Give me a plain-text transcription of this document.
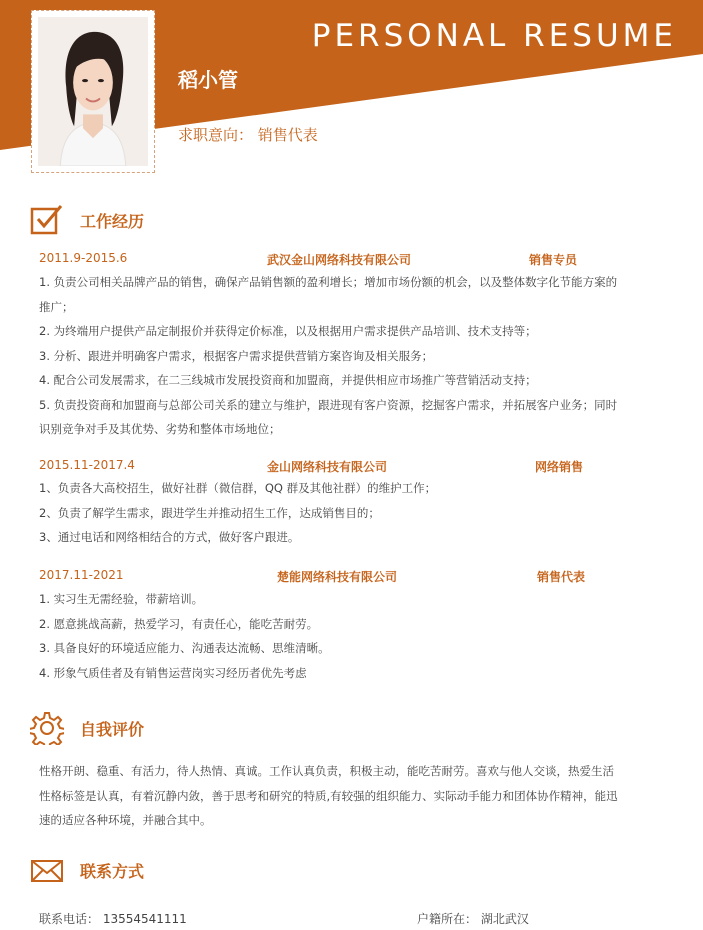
PERSONAL RESUME
稻小管
求职意向： 销售代表
工作经历
2011.9-2015.6	武汉金山网络科技有限公司	销售专员
1. 负责公司相关品牌产品的销售，确保产品销售额的盈利增长；增加市场份额的机会，以及整体数字化节能方案的
推广；
2. 为终端用户提供产品定制报价并获得定价标准，以及根据用户需求提供产品培训、技术支持等；
3. 分析、跟进并明确客户需求，根据客户需求提供营销方案咨询及相关服务；
4. 配合公司发展需求，在二三线城市发展投资商和加盟商，并提供相应市场推广等营销活动支持；
5. 负责投资商和加盟商与总部公司关系的建立与维护，跟进现有客户资源，挖掘客户需求，并拓展客户业务；同时
识别竞争对手及其优势、劣势和整体市场地位；
2015.11-2017.4	金山网络科技有限公司	网络销售
1、负责各大高校招生，做好社群（微信群，QQ 群及其他社群）的维护工作；
2、负责了解学生需求，跟进学生并推动招生工作，达成销售目的；
3、通过电话和网络相结合的方式，做好客户跟进。
2017.11-2021	楚能网络科技有限公司	销售代表
1. 实习生无需经验，带薪培训。
2. 愿意挑战高薪，热爱学习，有责任心，能吃苦耐劳。
3. 具备良好的环境适应能力、沟通表达流畅、思维清晰。
4. 形象气质佳者及有销售运营岗实习经历者优先考虑
自我评价
性格开朗、稳重、有活力，待人热情、真诚。工作认真负责，积极主动，能吃苦耐劳。喜欢与他人交谈，热爱生活
性格标签是认真，有着沉静内敛，善于思考和研究的特质,有较强的组织能力、实际动手能力和团体协作精神，能迅
速的适应各种环境，并融合其中。
联系方式
联系电话： 13554541111	户籍所在： 湖北武汉
